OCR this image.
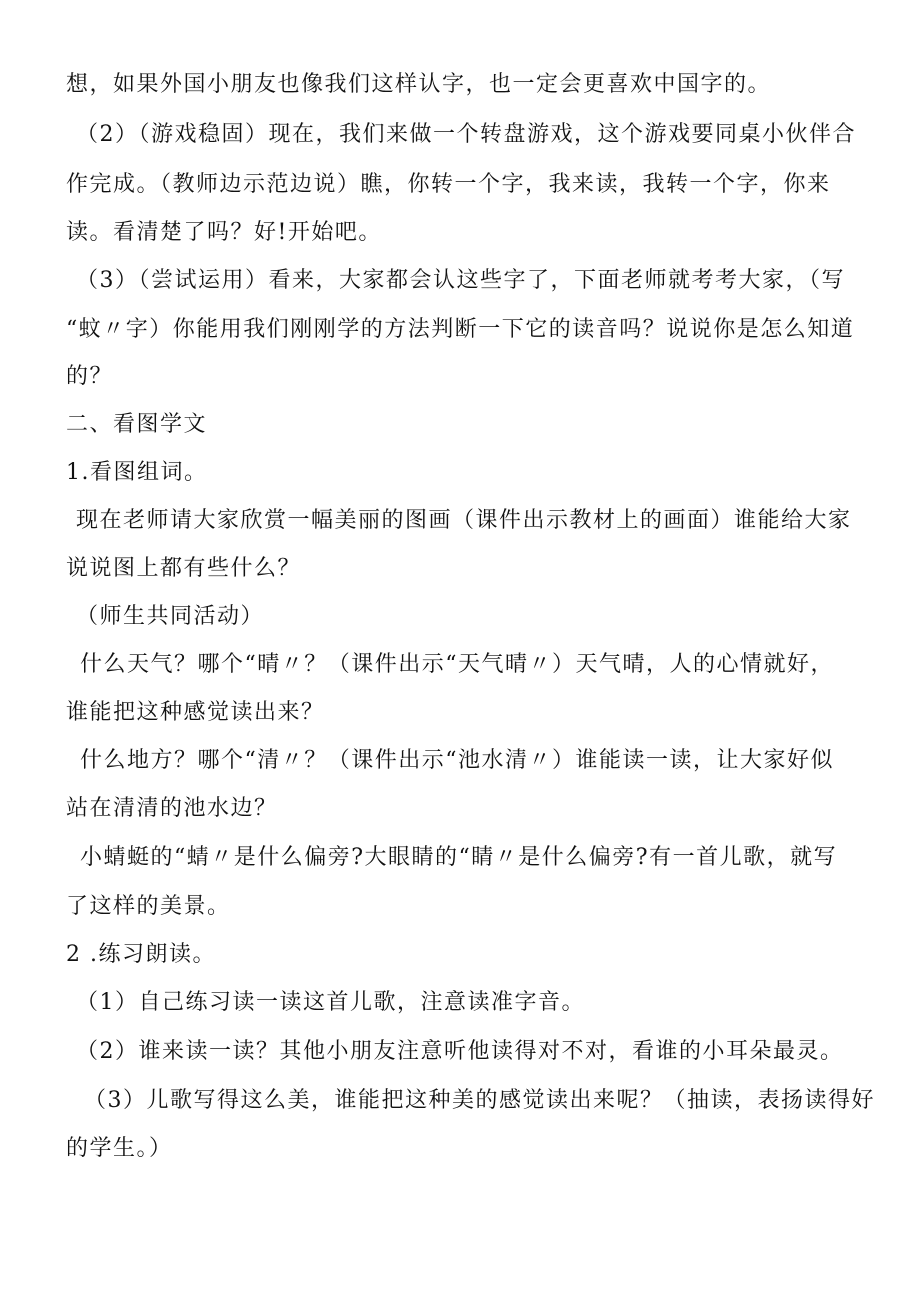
想，如果外国小朋友也像我们这样认字，也一定会更喜欢中国字的。
（2）（游戏稳固）现在，我们来做一个转盘游戏，这个游戏要同桌小伙伴合
作完成。（教师边示范边说）瞧，你转一个字，我来读，我转一个字，你来
读。看清楚了吗？好!开始吧。
（3）（尝试运用）看来，大家都会认这些字了，下面老师就考考大家，（写
“蚊〃字）你能用我们刚刚学的方法判断一下它的读音吗？说说你是怎么知道
的？
二、看图学文
1.看图组词。
现在老师请大家欣赏一幅美丽的图画（课件出示教材上的画面）谁能给大家
说说图上都有些什么？
（师生共同活动）
什么天气？哪个“晴〃？（课件出示“天气晴〃）天气晴，人的心情就好，
谁能把这种感觉读出来？
什么地方？哪个“清〃？（课件出示“池水清〃）谁能读一读，让大家好似
站在清清的池水边？
小蜻蜓的“蜻〃是什么偏旁?大眼睛的“睛〃是什么偏旁?有一首儿歌，就写
了这样的美景。
2 .练习朗读。
（1）自己练习读一读这首儿歌，注意读准字音。
（2）谁来读一读？其他小朋友注意听他读得对不对，看谁的小耳朵最灵。
（3）儿歌写得这么美，谁能把这种美的感觉读出来呢？（抽读，表扬读得好
的学生。）
